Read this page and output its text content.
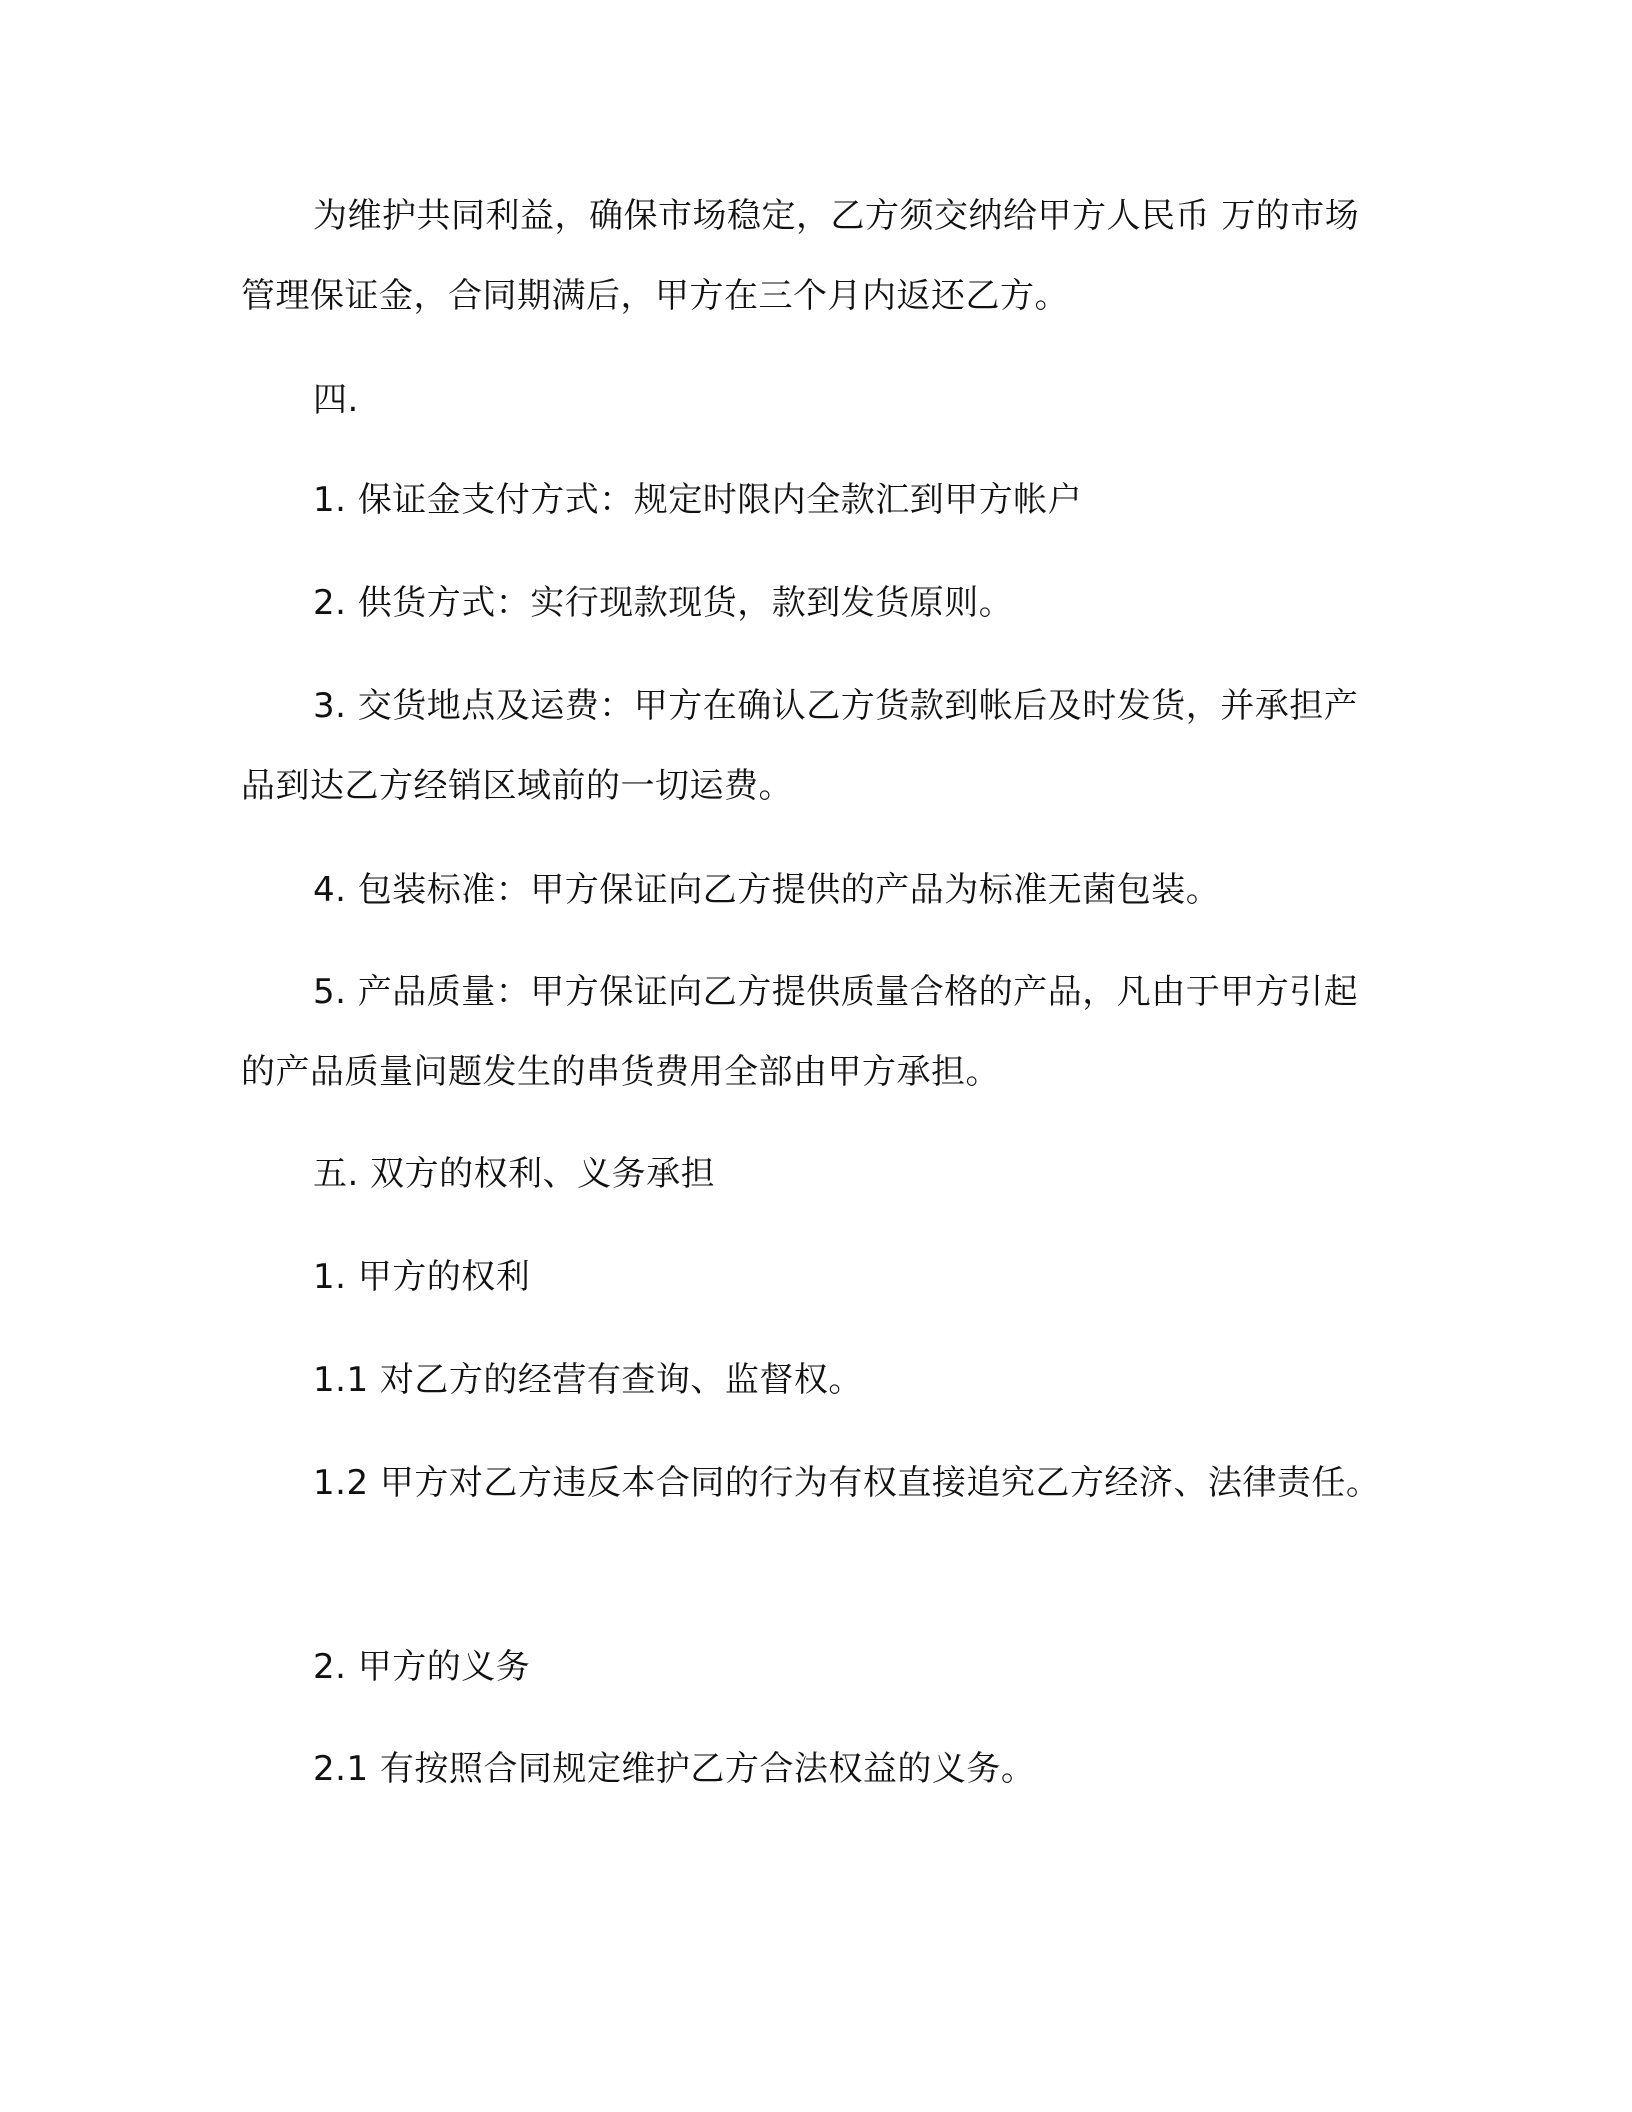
为维护共同利益，确保市场稳定，乙方须交纳给甲方人民币 万的市场管理保证金，合同期满后，甲方在三个月内返还乙方。

四.

1. 保证金支付方式：规定时限内全款汇到甲方帐户

2. 供货方式：实行现款现货，款到发货原则。

3. 交货地点及运费：甲方在确认乙方货款到帐后及时发货，并承担产品到达乙方经销区域前的一切运费。

4. 包装标准：甲方保证向乙方提供的产品为标准无菌包装。

5. 产品质量：甲方保证向乙方提供质量合格的产品，凡由于甲方引起的产品质量问题发生的串货费用全部由甲方承担。

五. 双方的权利、义务承担

1. 甲方的权利

1.1 对乙方的经营有查询、监督权。

1.2 甲方对乙方违反本合同的行为有权直接追究乙方经济、法律责任。

2. 甲方的义务

2.1 有按照合同规定维护乙方合法权益的义务。
